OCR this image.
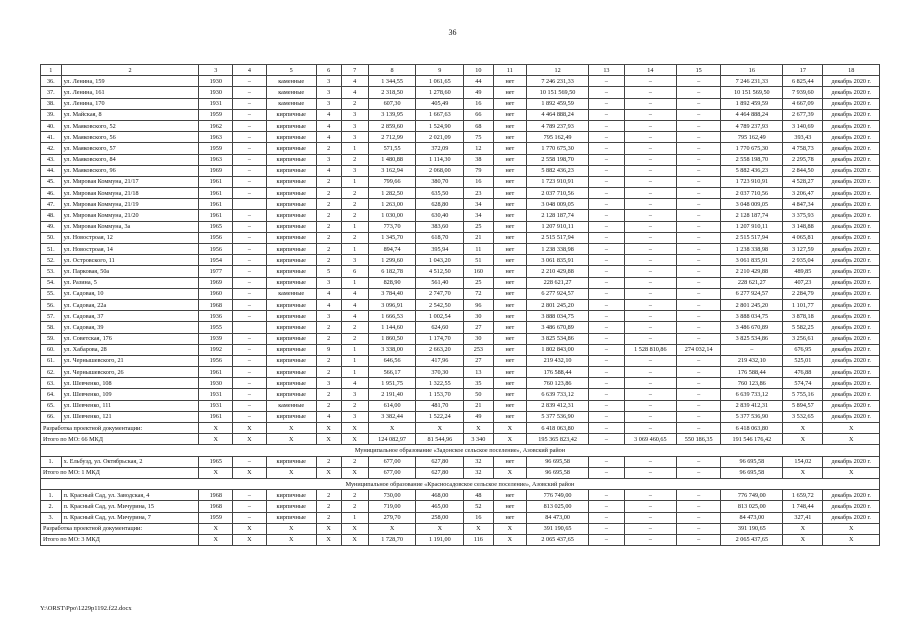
36
1	2	3	4	5	6	7	8	9	10	11	12	13	14	15	16	17	18
36.	ул. Ленина, 159	1930	–	каменные	3	4	1 344,55	1 061,65	44	нет	7 246 231,33	–	–	–	7 246 231,33	6 825,44	декабрь 2020 г.
37.	ул. Ленина, 161	1930	–	каменные	3	4	2 318,50	1 278,60	49	нет	10 151 569,50	–	–	–	10 151 569,50	7 939,60	декабрь 2020 г.
38.	ул. Ленина, 170	1931	–	каменные	3	2	607,30	405,49	16	нет	1 892 459,59	–	–	–	1 892 459,59	4 667,09	декабрь 2020 г.
39.	ул. Майская, 8	1959	–	кирпичные	4	3	3 139,95	1 667,63	66	нет	4 464 888,24	–	–	–	4 464 888,24	2 677,39	декабрь 2020 г.
40.	ул. Маяковского, 52	1962	–	кирпичные	4	3	2 859,60	1 524,90	68	нет	4 789 237,93	–	–	–	4 789 237,93	3 140,69	декабрь 2020 г.
41.	ул. Маяковского, 56	1963	–	кирпичные	4	3	2 712,99	2 021,09	75	нет	795 162,49	–	–	–	795 162,49	393,43	декабрь 2020 г.
42.	ул. Маяковского, 57	1959	–	кирпичные	2	1	571,55	372,09	12	нет	1 770 675,30	–	–	–	1 770 675,30	4 758,73	декабрь 2020 г.
43.	ул. Маяковского, 84	1963	–	кирпичные	3	2	1 480,88	1 114,30	38	нет	2 558 198,70	–	–	–	2 558 198,70	2 295,78	декабрь 2020 г.
44.	ул. Маяковского, 96	1969	–	кирпичные	4	3	3 162,94	2 068,00	79	нет	5 882 436,23	–	–	–	5 882 436,23	2 844,50	декабрь 2020 г.
45.	ул. Мировая Коммуна, 21/17	1961	–	кирпичные	2	1	799,66	380,70	16	нет	1 723 910,91	–	–	–	1 723 910,91	4 528,27	декабрь 2020 г.
46.	ул. Мировая Коммуна, 21/18	1961	–	кирпичные	2	2	1 282,50	635,50	23	нет	2 037 710,56	–	–	–	2 037 710,56	3 206,47	декабрь 2020 г.
47.	ул. Мировая Коммуна, 21/19	1961		кирпичные	2	2	1 263,00	628,80	34	нет	3 048 009,05	–	–	–	3 048 009,05	4 847,34	декабрь 2020 г.
48.	ул. Мировая Коммуна, 21/20	1961	–	кирпичные	2	2	1 030,00	630,40	34	нет	2 128 187,74	–	–	–	2 128 187,74	3 375,93	декабрь 2020 г.
49.	ул. Мировая Коммуна, 3а	1965	–	кирпичные	2	1	773,70	383,60	25	нет	1 207 910,11	–	–	–	1 207 910,11	3 148,88	декабрь 2020 г.
50.	ул. Новостроая, 12	1956	–	кирпичные	2	2	1 345,70	618,70	21	нет	2 515 517,94	–	–	–	2 515 517,94	4 065,81	декабрь 2020 г.
51.	ул. Новостроая, 14	1956	–	кирпичные	2	1	894,74	395,94	11	нет	1 238 338,98	–	–	–	1 238 338,98	3 127,59	декабрь 2020 г.
52.	ул. Островского, 11	1954	–	кирпичные	2	3	1 299,60	1 043,20	51	нет	3 061 835,91	–	–	–	3 061 835,91	2 935,04	декабрь 2020 г.
53.	ул. Парковая, 50а	1977	–	кирпичные	5	6	6 182,78	4 512,50	160	нет	2 210 429,88	–	–	–	2 210 429,88	489,85	декабрь 2020 г.
54.	ул. Разина, 5	1969	–	кирпичные	3	1	828,90	561,40	25	нет	228 621,27	–	–	–	228 621,27	407,23	декабрь 2020 г.
55.	ул. Садовая, 10	1960	–	каменные	4	4	3 784,40	2 747,70	72	нет	6 277 924,57	–	–	–	6 277 924,57	2 284,79	декабрь 2020 г.
56.	ул. Садовая, 22а	1968	–	кирпичные	4	4	3 096,91	2 542,50	96	нет	2 801 245,20	–	–	–	2 801 245,20	1 101,77	декабрь 2020 г.
57.	ул. Садовая, 37	1936	–	кирпичные	3	4	1 666,53	1 002,54	30	нет	3 888 034,75	–	–	–	3 888 034,75	3 878,18	декабрь 2020 г.
58.	ул. Садовая, 39	1955		кирпичные	2	2	1 144,60	624,60	27	нет	3 486 670,89	–	–	–	3 486 670,89	5 582,25	декабрь 2020 г.
59.	ул. Советская, 176	1939	–	кирпичные	2	2	1 860,50	1 174,70	30	нет	3 825 534,86	–	–	–	3 825 534,86	3 256,61	декабрь 2020 г.
60.	ул. Хабарова, 28	1992	–	кирпичные	9	1	3 338,00	2 663,20	253	нет	1 802 843,00	–	1 528 810,86	274 032,14	–	676,95	декабрь 2020 г.
61.	ул. Чернышевского, 21	1956	–	кирпичные	2	1	646,56	417,96	27	нет	219 432,10	–	–	–	219 432,10	525,01	декабрь 2020 г.
62.	ул. Чернышевского, 26	1961	–	кирпичные	2	1	566,17	370,30	13	нет	176 588,44	–	–	–	176 588,44	476,88	декабрь 2020 г.
63.	ул. Шевченко, 108	1930	–	кирпичные	3	4	1 951,75	1 322,55	35	нет	760 123,86	–	–	–	760 123,86	574,74	декабрь 2020 г.
64.	ул. Шевченко, 109	1931	–	кирпичные	2	3	2 191,40	1 153,70	50	нет	6 639 733,12	–	–	–	6 639 733,12	5 755,16	декабрь 2020 г.
65.	ул. Шевченко, 111	1931	–	каменные	2	2	614,00	481,70	21	нет	2 839 412,31	–	–	–	2 839 412,31	5 894,57	декабрь 2020 г.
66.	ул. Шевченко, 121	1961	–	кирпичные	4	3	3 382,44	1 522,24	49	нет	5 377 536,90	–	–	–	5 377 536,90	3 532,65	декабрь 2020 г.
Разработка проектной документации:		X	X	X	X	X	X	X	X	X	6 418 063,80	–	–	–	6 418 063,80	X	X
Итого по МО: 66 МКД		X	X	X	X	X	124 082,97	81 544,96	3 340	X	195 365 823,42	–	3 069 460,65	550 186,35	191 546 176,42	X	X
Муниципальное образование «Задонское сельское поселение», Азовский район																	
1.	х. Ельбузд, ул. Октябрьская, 2	1965	–	кирпичные	2	2	677,00	627,80	32	нет	96 695,58	–	–	–	96 695,58	154,02	декабрь 2020 г.
Итого по МО: 1 МКД		X	X	X	X	X	677,00	627,80	32	X	96 695,58	–	–	–	96 695,58	X	X
Муниципальное образование «Красносадовское сельское поселение», Азовский район																	
1.	п. Красный Сад, ул. Заводская, 4	1968	–	кирпичные	2	2	730,00	468,00	48	нет	776 749,00	–	–	–	776 749,00	1 659,72	декабрь 2020 г.
2.	п. Красный Сад, ул. Мичурина, 15	1968	–	кирпичные	2	2	719,00	465,00	52	нет	813 025,00	–	–	–	813 025,00	1 748,44	декабрь 2020 г.
3.	п. Красный Сад, ул. Мичурина, 7	1959	–	кирпичные	2	1	279,70	258,00	16	нет	84 473,00	–	–	–	84 473,00	327,41	декабрь 2020 г.
Разработка проектной документации:		X	X	X	X	X	X	X	X	X	391 190,65	–	–	–	391 190,65	X	X
Итого по МО: 3 МКД		X	X	X	X	X	1 728,70	1 191,00	116	X	2 065 437,65	–	–	–	2 065 437,65	X	X
Y:\ORST\Ppo\1229p1192.f22.docx
